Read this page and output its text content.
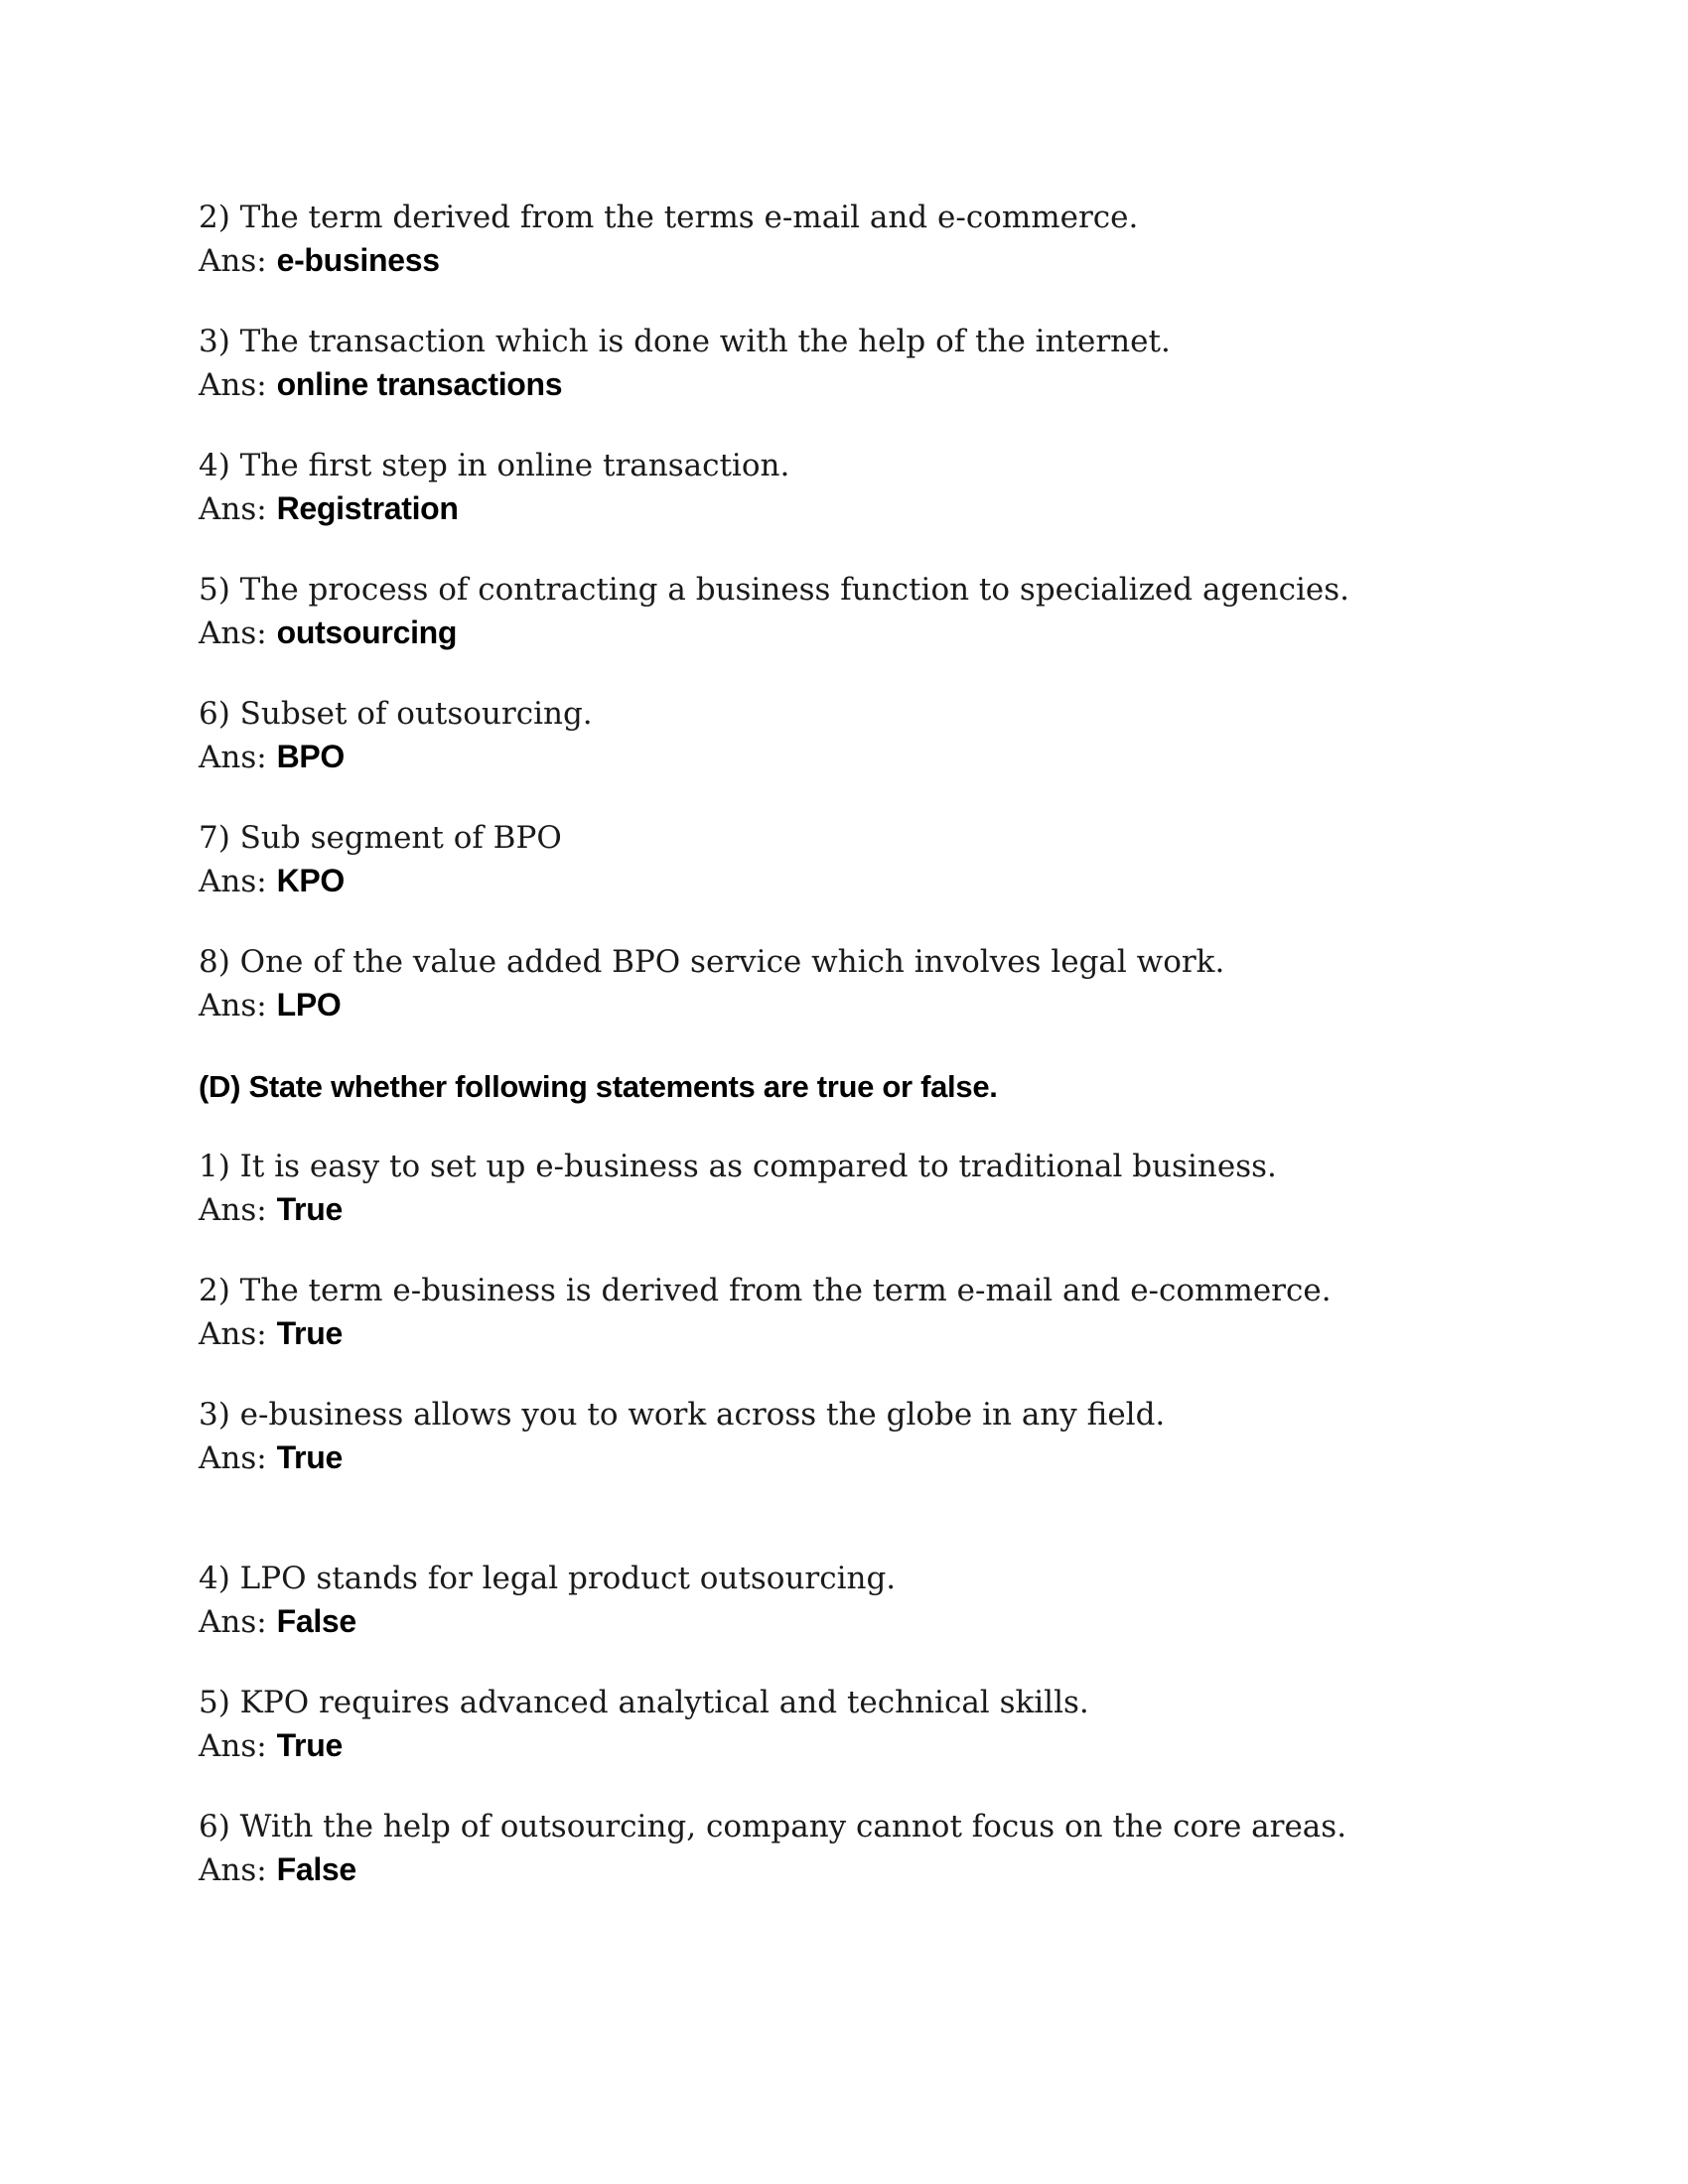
2) The term derived from the terms e-mail and e-commerce.
Ans: e-business
3) The transaction which is done with the help of the internet.
Ans: online transactions
4) The first step in online transaction.
Ans: Registration
5) The process of contracting a business function to specialized agencies.
Ans: outsourcing
6) Subset of outsourcing.
Ans: BPO
7) Sub segment of BPO
Ans: KPO
8) One of the value added BPO service which involves legal work.
Ans: LPO
(D) State whether following statements are true or false.
1) It is easy to set up e-business as compared to traditional business.
Ans: True
2) The term e-business is derived from the term e-mail and e-commerce.
Ans: True
3) e-business allows you to work across the globe in any field.
Ans: True
4) LPO stands for legal product outsourcing.
Ans: False
5) KPO requires advanced analytical and technical skills.
Ans: True
6) With the help of outsourcing, company cannot focus on the core areas.
Ans: False
